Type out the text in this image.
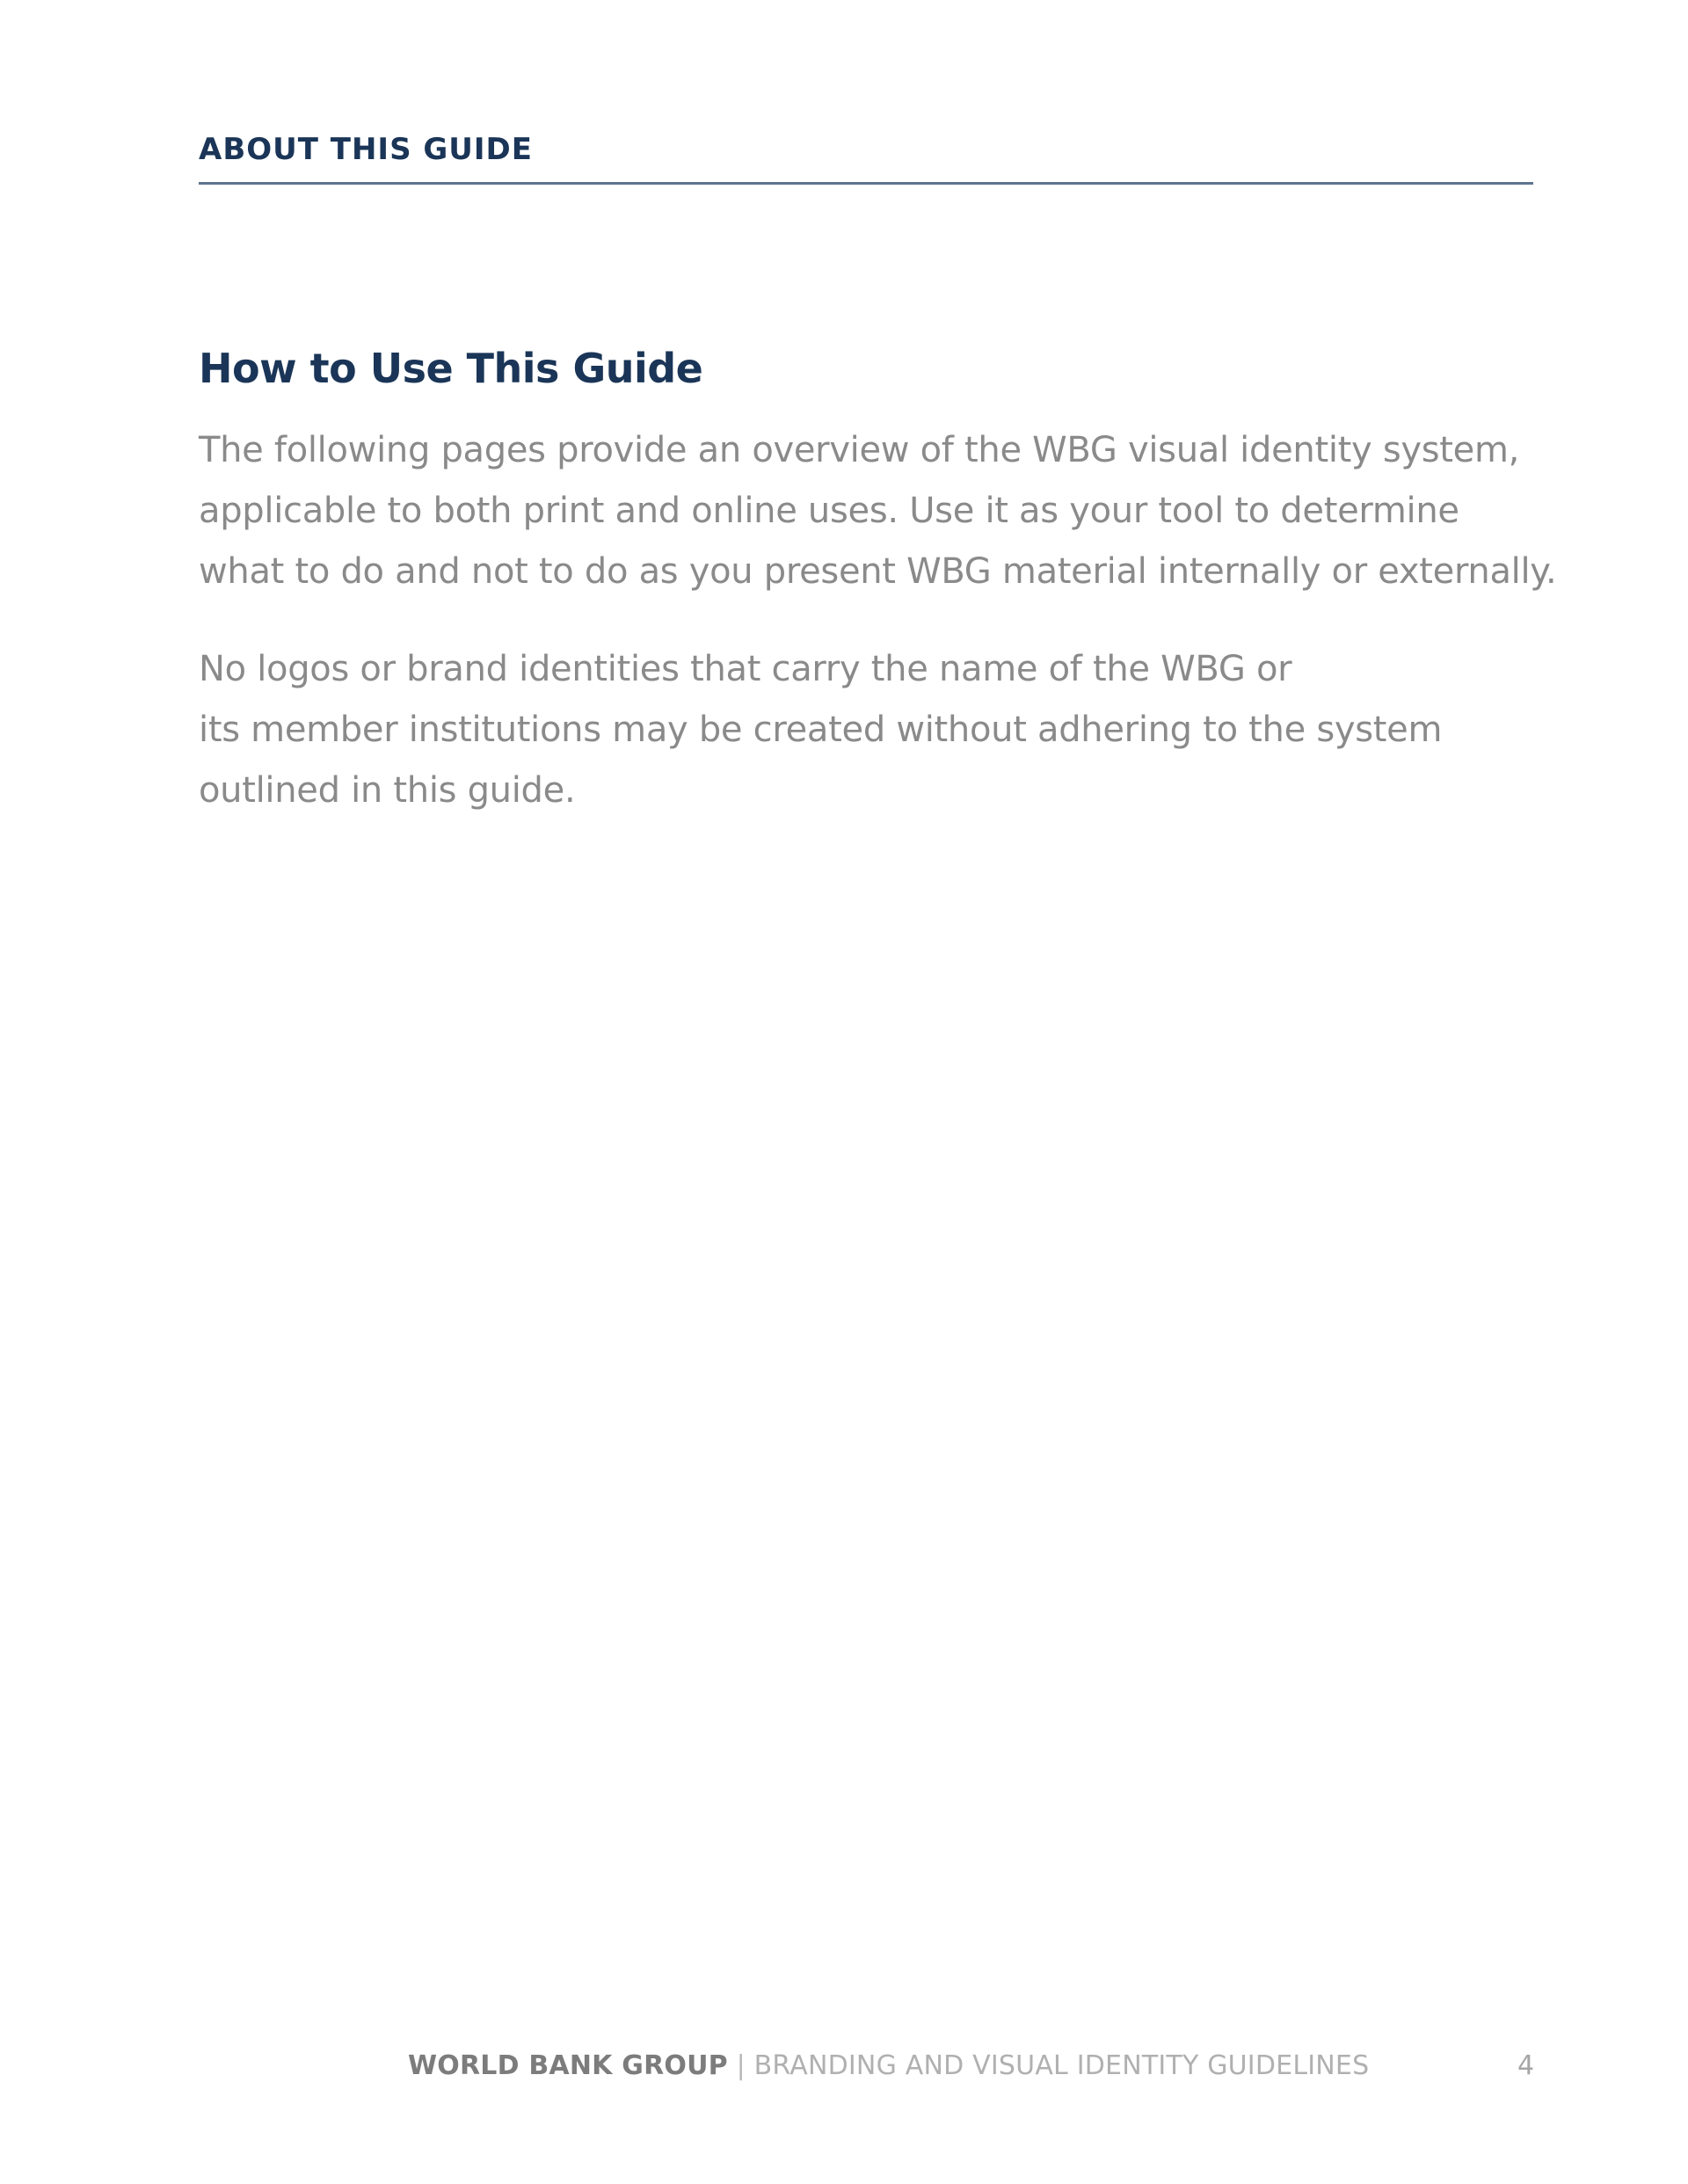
ABOUT THIS GUIDE
How to Use This Guide

The following pages provide an overview of the WBG visual identity system,
applicable to both print and online uses. Use it as your tool to determine
what to do and not to do as you present WBG material internally or externally.

No logos or brand identities that carry the name of the WBG or
its member institutions may be created without adhering to the system
outlined in this guide.

WORLD BANK GROUP | BRANDING AND VISUAL IDENTITY GUIDELINES	4
